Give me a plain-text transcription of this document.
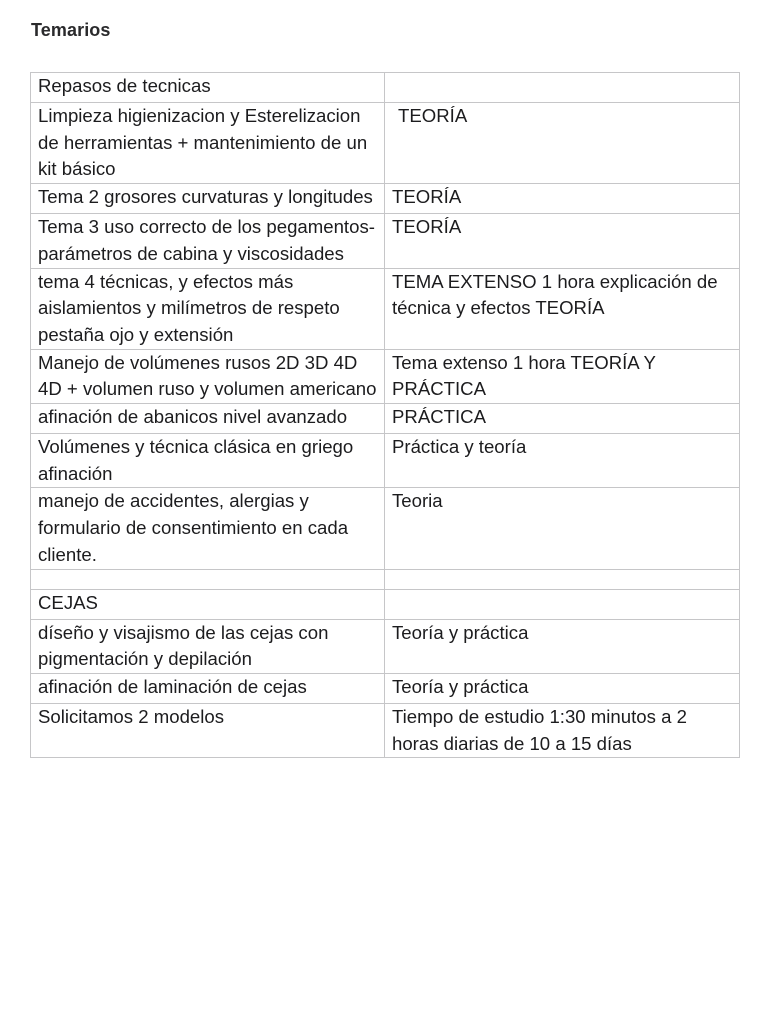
Temarios
Repasos de tecnicas	

Limpieza higienizacion y Esterelizacion de herramientas + mantenimiento de un kit básico	TEORÍA

Tema 2 grosores curvaturas y longitudes	TEORÍA

Tema 3 uso correcto de los pegamentos- parámetros de cabina y viscosidades	TEORÍA

tema 4 técnicas, y efectos más aislamientos y milímetros de respeto pestaña ojo y extensión	TEMA EXTENSO 1 hora explicación de técnica y efectos TEORÍA

Manejo de volúmenes rusos 2D 3D 4D 4D + volumen ruso y volumen americano	Tema extenso 1 hora TEORÍA Y PRÁCTICA

afinación de abanicos nivel avanzado	PRÁCTICA

Volúmenes y técnica clásica en griego afinación	Práctica y teoría

manejo de accidentes, alergias y formulario de consentimiento en cada cliente.	Teoria

CEJAS	

díseño y visajismo de las cejas con pigmentación y depilación	Teoría y práctica

afinación de laminación de cejas	Teoría y práctica

Solicitamos 2 modelos	Tiempo de estudio 1:30 minutos a 2 horas diarias de 10 a 15 días
